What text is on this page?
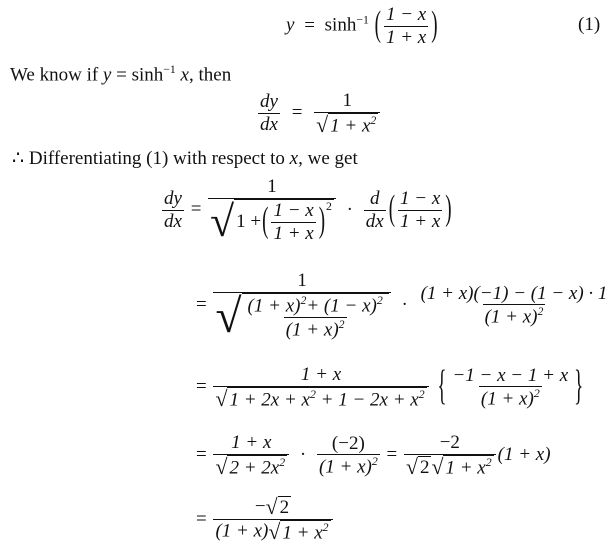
$y = \sinh^{-1}$ ( $\frac{1 - x}{1 + x}$ )	(1)
We know if $y = \sinh^{-1} x$, then
$\frac{dy}{dx} = \frac{1}{√ 1 + x^2}$
∴ Differentiating (1) with respect to x, we get
$\frac{dy}{dx} = \frac{1}{√ 1 + ( \frac{1 - x}{1 + x} )^2} \cdot \frac{d}{dx}$ ( $\frac{1 - x}{1 + x}$ )
= $\frac{1}{√ \frac{(1 + x)^2+ (1 - x)^2}{(1 + x)^2}} \cdot \frac{(1 + x)(-1) - (1 - x) \cdot 1}{(1 + x)^2}$
= $\frac{1 + x}{√ 1 + 2x + x^2 + 1 - 2x + x^2}$ { $\frac{-1 - x - 1 + x}{(1 + x)^2}$ }
= $\frac{1 + x}{√ 2 + 2x^2} \cdot \frac{(-2)}{(1 + x)^2} = \frac{-2}{√ 2 √ 1 + x^2} (1 + x)$
= $\frac{- √ 2}{(1 + x) √ 1 + x^2}$
